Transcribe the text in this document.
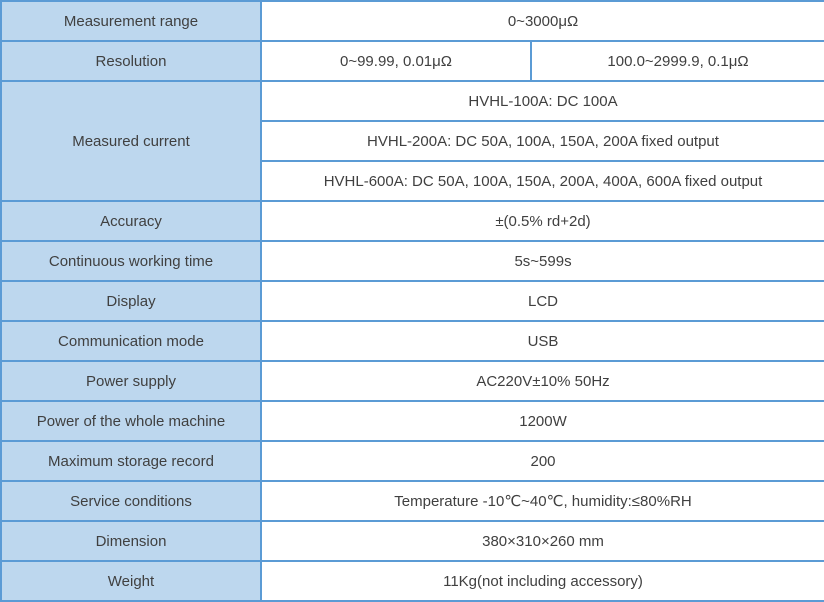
Measurement range	0~3000μΩ	
Resolution	0~99.99, 0.01μΩ	100.0~2999.9, 0.1μΩ
Measured current	HVHL-100A: DC 100A	
	HVHL-200A: DC 50A, 100A, 150A, 200A fixed output	
	HVHL-600A: DC 50A, 100A, 150A, 200A, 400A, 600A fixed output	
Accuracy	±(0.5% rd+2d)	
Continuous working time	5s~599s	
Display	LCD	
Communication mode	USB	
Power supply	AC220V±10% 50Hz	
Power of the whole machine	1200W	
Maximum storage record	200	
Service conditions	Temperature -10℃~40℃, humidity:≤80%RH	
Dimension	380×310×260 mm	
Weight	11Kg(not including accessory)	
